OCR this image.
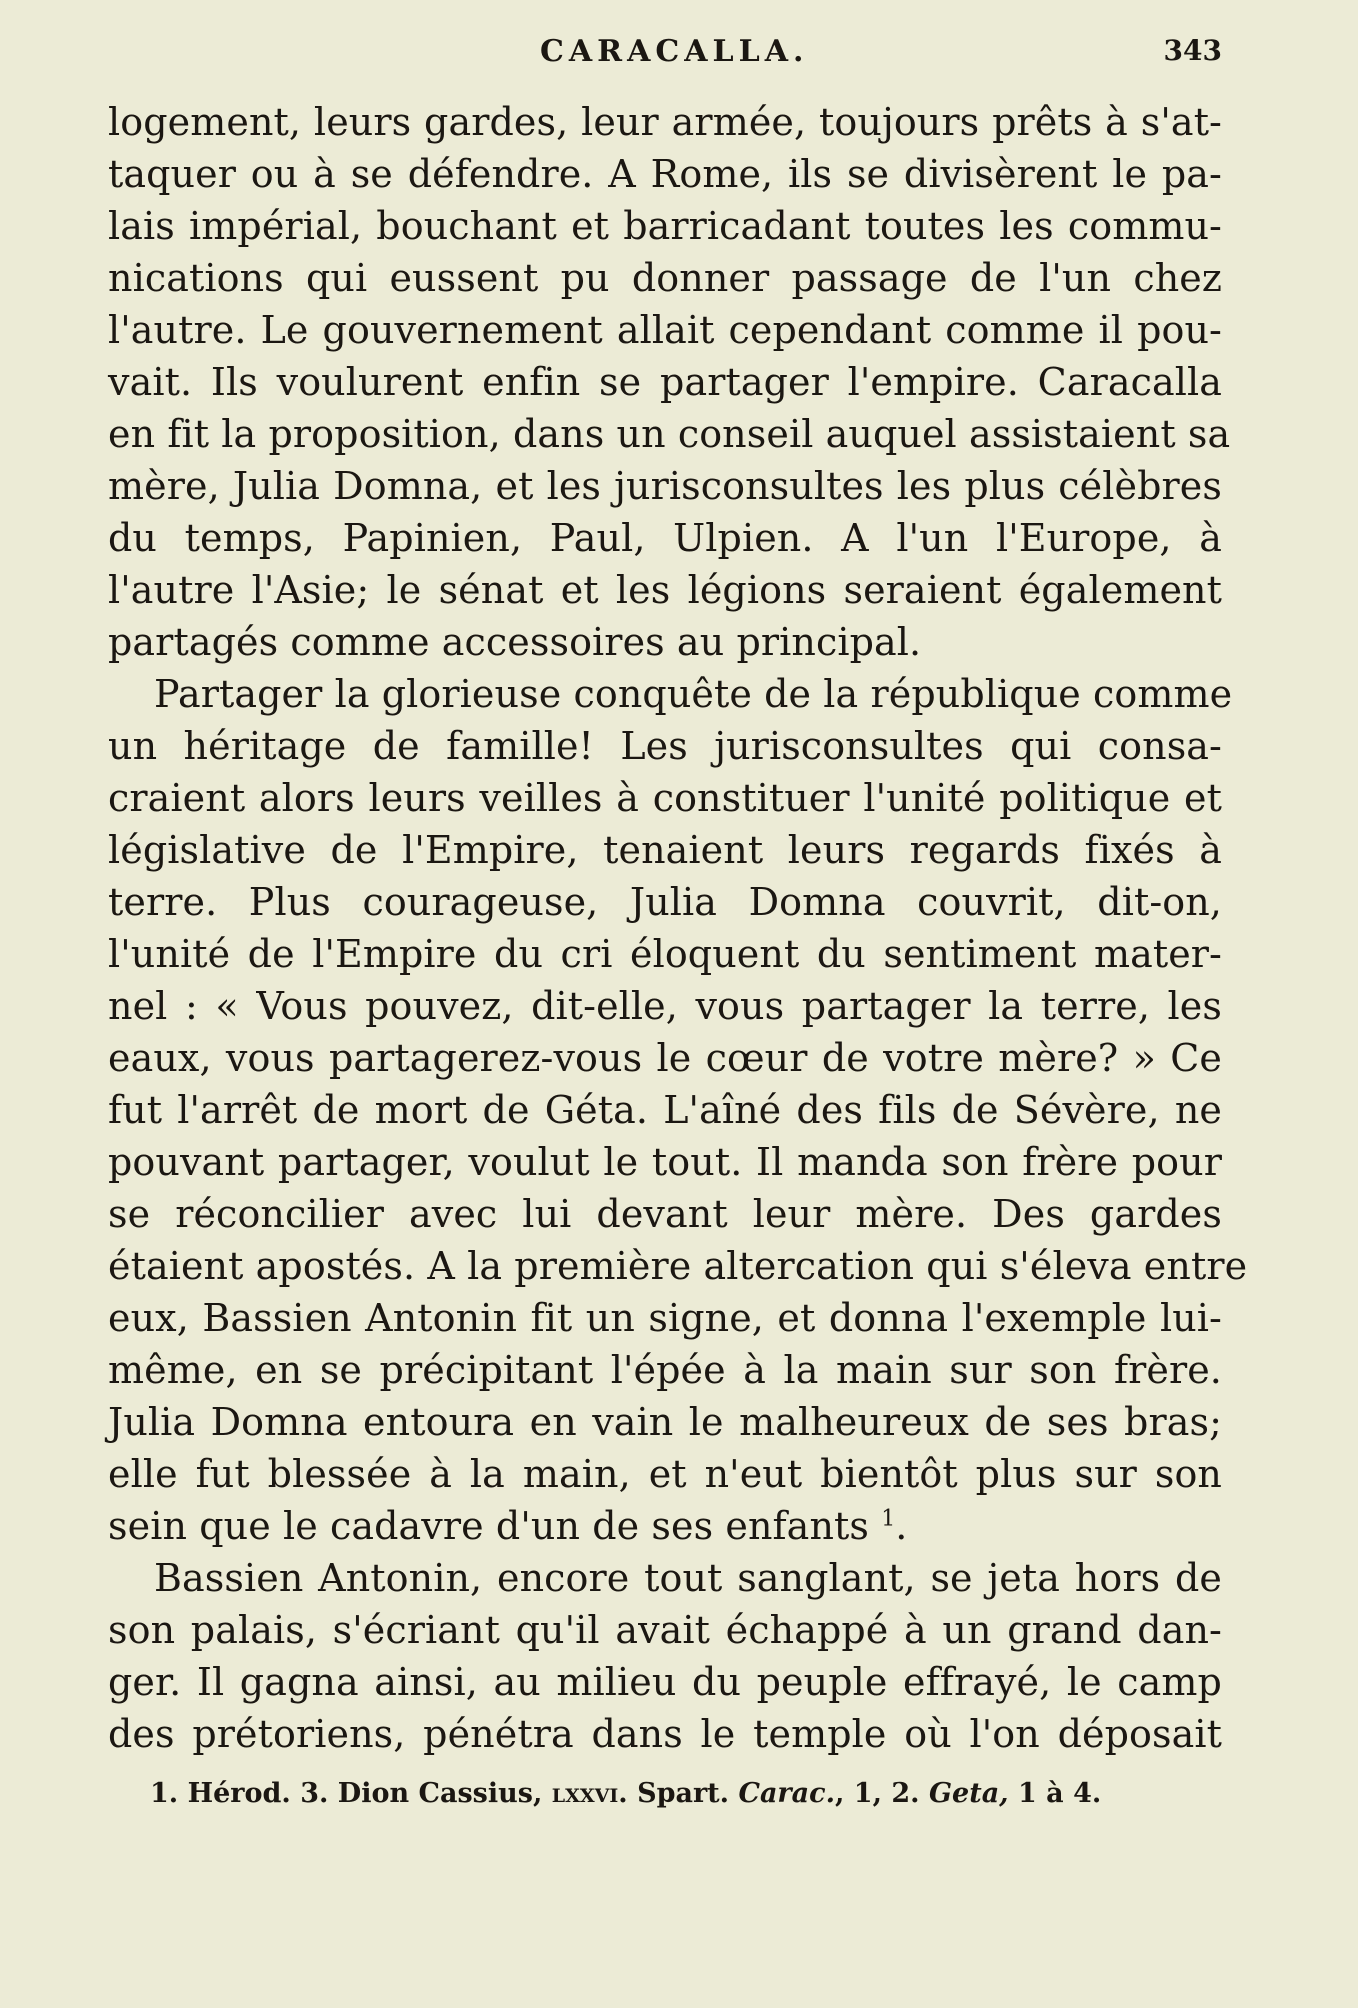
CARACALLA.	343
logement, leurs gardes, leur armée, toujours prêts à s'at-
taquer ou à se défendre. A Rome, ils se divisèrent le pa-
lais impérial, bouchant et barricadant toutes les commu-
nications qui eussent pu donner passage de l'un chez
l'autre. Le gouvernement allait cependant comme il pou-
vait. Ils voulurent enfin se partager l'empire. Caracalla
en fit la proposition, dans un conseil auquel assistaient sa
mère, Julia Domna, et les jurisconsultes les plus célèbres
du temps, Papinien, Paul, Ulpien. A l'un l'Europe, à
l'autre l'Asie; le sénat et les légions seraient également
partagés comme accessoires au principal.
Partager la glorieuse conquête de la république comme
un héritage de famille! Les jurisconsultes qui consa-
craient alors leurs veilles à constituer l'unité politique et
législative de l'Empire, tenaient leurs regards fixés à
terre. Plus courageuse, Julia Domna couvrit, dit-on,
l'unité de l'Empire du cri éloquent du sentiment mater-
nel : « Vous pouvez, dit-elle, vous partager la terre, les
eaux, vous partagerez-vous le cœur de votre mère? » Ce
fut l'arrêt de mort de Géta. L'aîné des fils de Sévère, ne
pouvant partager, voulut le tout. Il manda son frère pour
se réconcilier avec lui devant leur mère. Des gardes
étaient apostés. A la première altercation qui s'éleva entre
eux, Bassien Antonin fit un signe, et donna l'exemple lui-
même, en se précipitant l'épée à la main sur son frère.
Julia Domna entoura en vain le malheureux de ses bras;
elle fut blessée à la main, et n'eut bientôt plus sur son
sein que le cadavre d'un de ses enfants $^1$.
Bassien Antonin, encore tout sanglant, se jeta hors de
son palais, s'écriant qu'il avait échappé à un grand dan-
ger. Il gagna ainsi, au milieu du peuple effrayé, le camp
des prétoriens, pénétra dans le temple où l'on déposait
1. Hérod. 3. Dion Cassius, lxxvi. Spart. Carac., 1, 2. Geta, 1 à 4.
